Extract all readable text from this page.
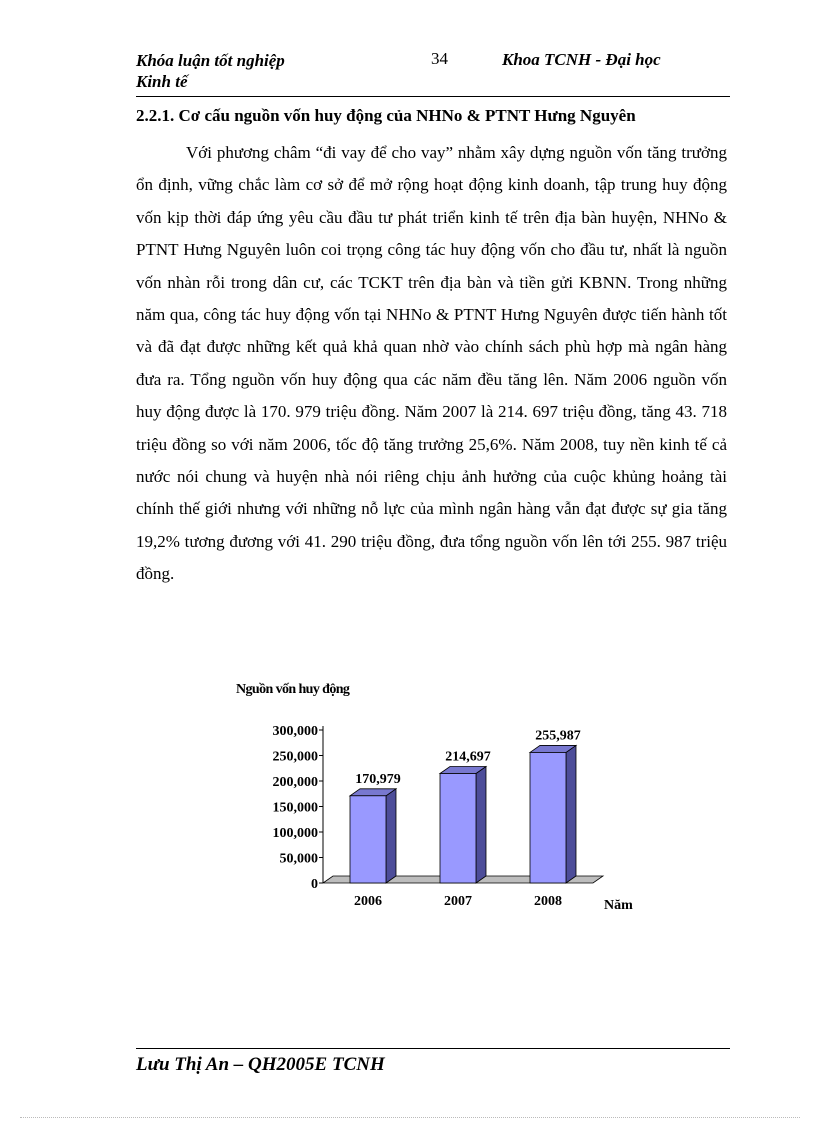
Khóa luận tốt nghiệp
Kinh tế
34	Khoa TCNH - Đại học
2.2.1. Cơ cấu nguồn vốn huy động của NHNo & PTNT Hưng Nguyên

Với phương châm “đi vay để cho vay” nhằm xây dựng nguồn vốn tăng trưởng ổn định, vững chắc làm cơ sở để mở rộng hoạt động kinh doanh, tập trung huy động vốn kịp thời đáp ứng yêu cầu đầu tư phát triển kinh tế trên địa bàn huyện, NHNo & PTNT Hưng Nguyên luôn coi trọng công tác huy động vốn cho đầu tư, nhất là nguồn vốn nhàn rỗi trong dân cư, các TCKT trên địa bàn và tiền gửi KBNN. Trong những năm qua, công tác huy động vốn tại NHNo & PTNT Hưng Nguyên được tiến hành tốt và đã đạt được những kết quả khả quan nhờ vào chính sách phù hợp mà ngân hàng đưa ra. Tổng nguồn vốn huy động qua các năm đều tăng lên. Năm 2006 nguồn vốn huy động được là 170. 979 triệu đồng. Năm 2007 là 214. 697 triệu đồng, tăng 43. 718 triệu đồng so với năm 2006, tốc độ tăng trưởng 25,6%. Năm 2008, tuy nền kinh tế cả nước nói chung và huyện nhà nói riêng chịu ảnh hưởng của cuộc khủng hoảng tài chính thế giới nhưng với những nỗ lực của mình ngân hàng vẫn đạt được sự gia tăng 19,2% tương đương với 41. 290 triệu đồng, đưa tổng nguồn vốn lên tới 255. 987 triệu đồng.

Nguồn vốn huy động
0
50,000
100,000
150,000
200,000
250,000
300,000
170,979
2006
214,697
2007
255,987
2008	Năm
Lưu Thị An – QH2005E TCNH
